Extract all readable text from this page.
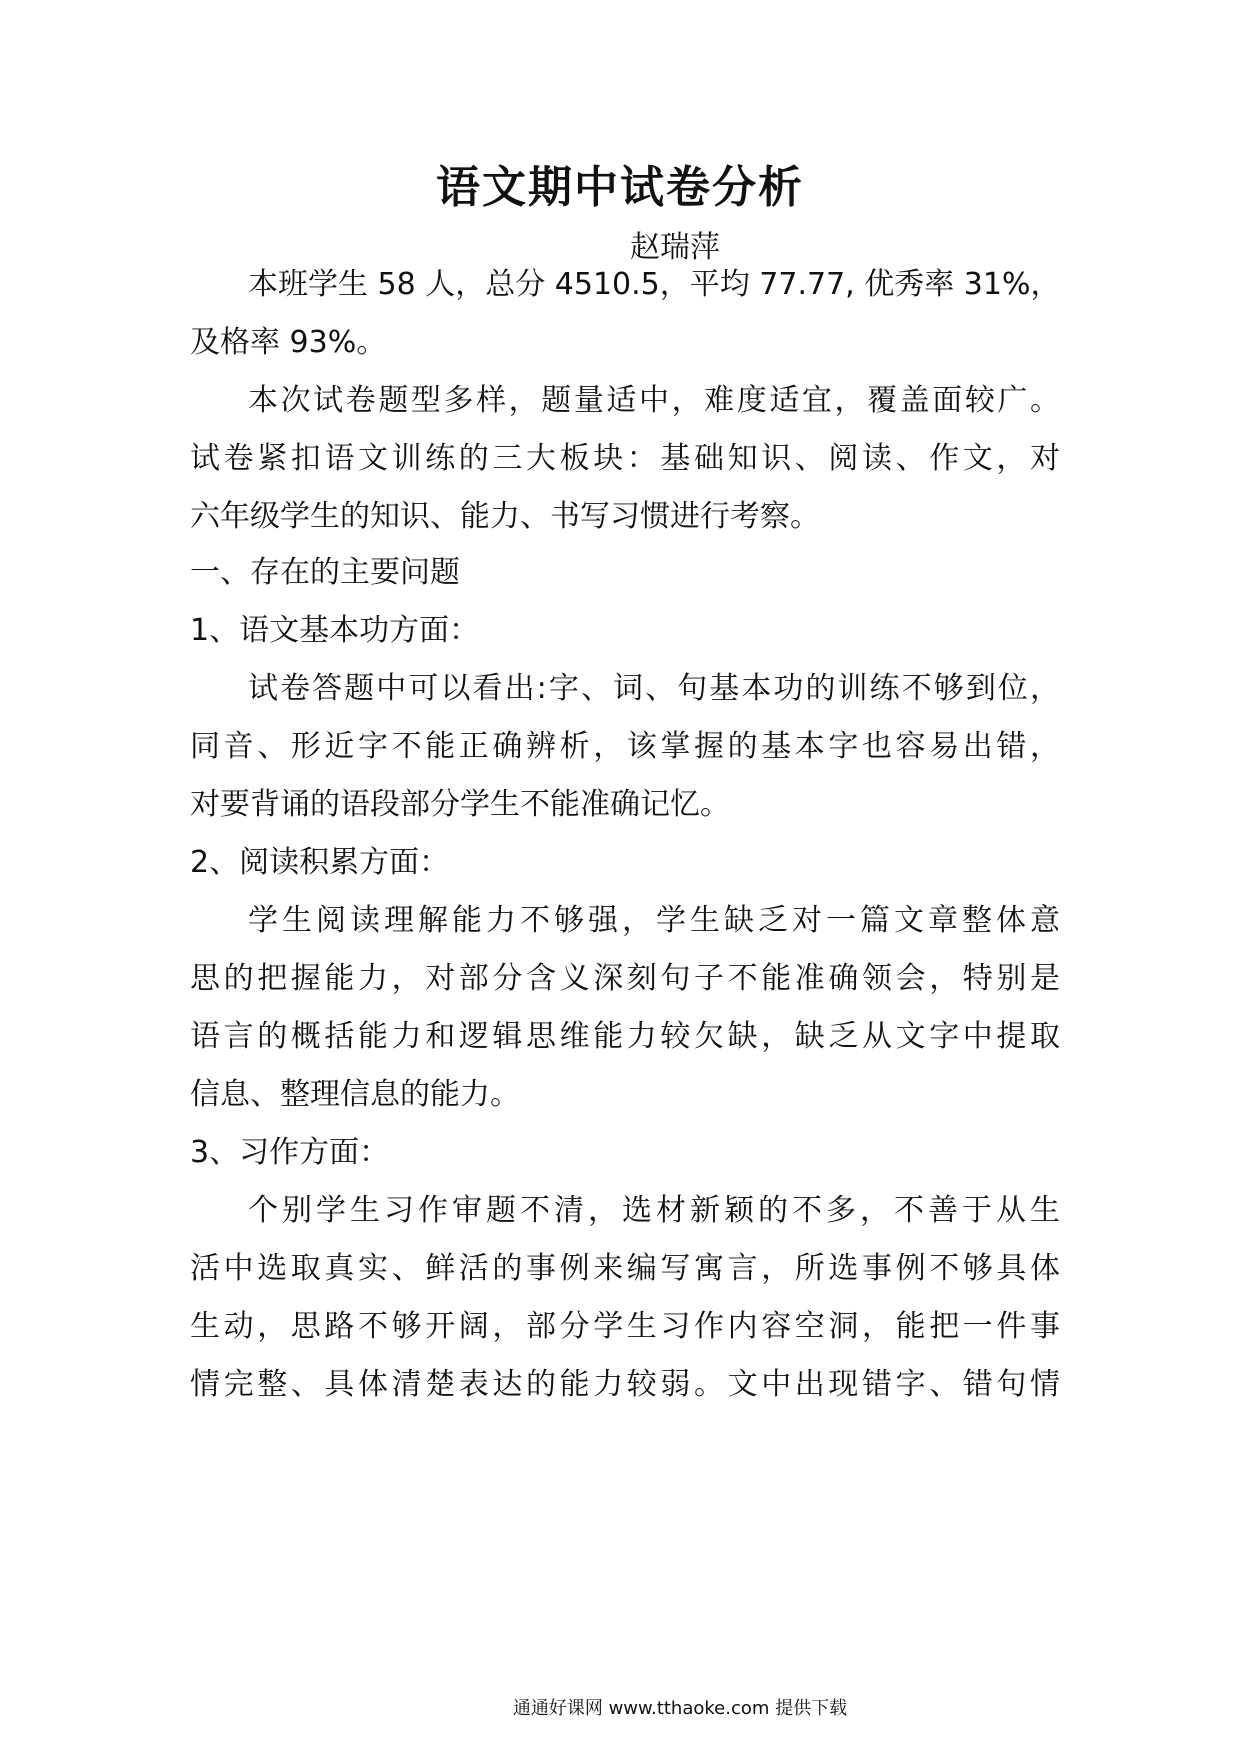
语文期中试卷分析
赵瑞萍
本班学生 58 人，总分 4510.5，平均 77.77, 优秀率 31%，
及格率 93%。
本次试卷题型多样，题量适中，难度适宜，覆盖面较广。
试卷紧扣语文训练的三大板块：基础知识、阅读、作文，对
六年级学生的知识、能力、书写习惯进行考察。
一、存在的主要问题
1、语文基本功方面：
试卷答题中可以看出:字、词、句基本功的训练不够到位，
同音、形近字不能正确辨析，该掌握的基本字也容易出错，
对要背诵的语段部分学生不能准确记忆。
2、阅读积累方面：
学生阅读理解能力不够强，学生缺乏对一篇文章整体意
思的把握能力，对部分含义深刻句子不能准确领会，特别是
语言的概括能力和逻辑思维能力较欠缺，缺乏从文字中提取
信息、整理信息的能力。
3、习作方面：
个别学生习作审题不清，选材新颖的不多，不善于从生
活中选取真实、鲜活的事例来编写寓言，所选事例不够具体
生动，思路不够开阔，部分学生习作内容空洞，能把一件事
情完整、具体清楚表达的能力较弱。文中出现错字、错句情
通通好课网 www.tthaoke.com 提供下载
